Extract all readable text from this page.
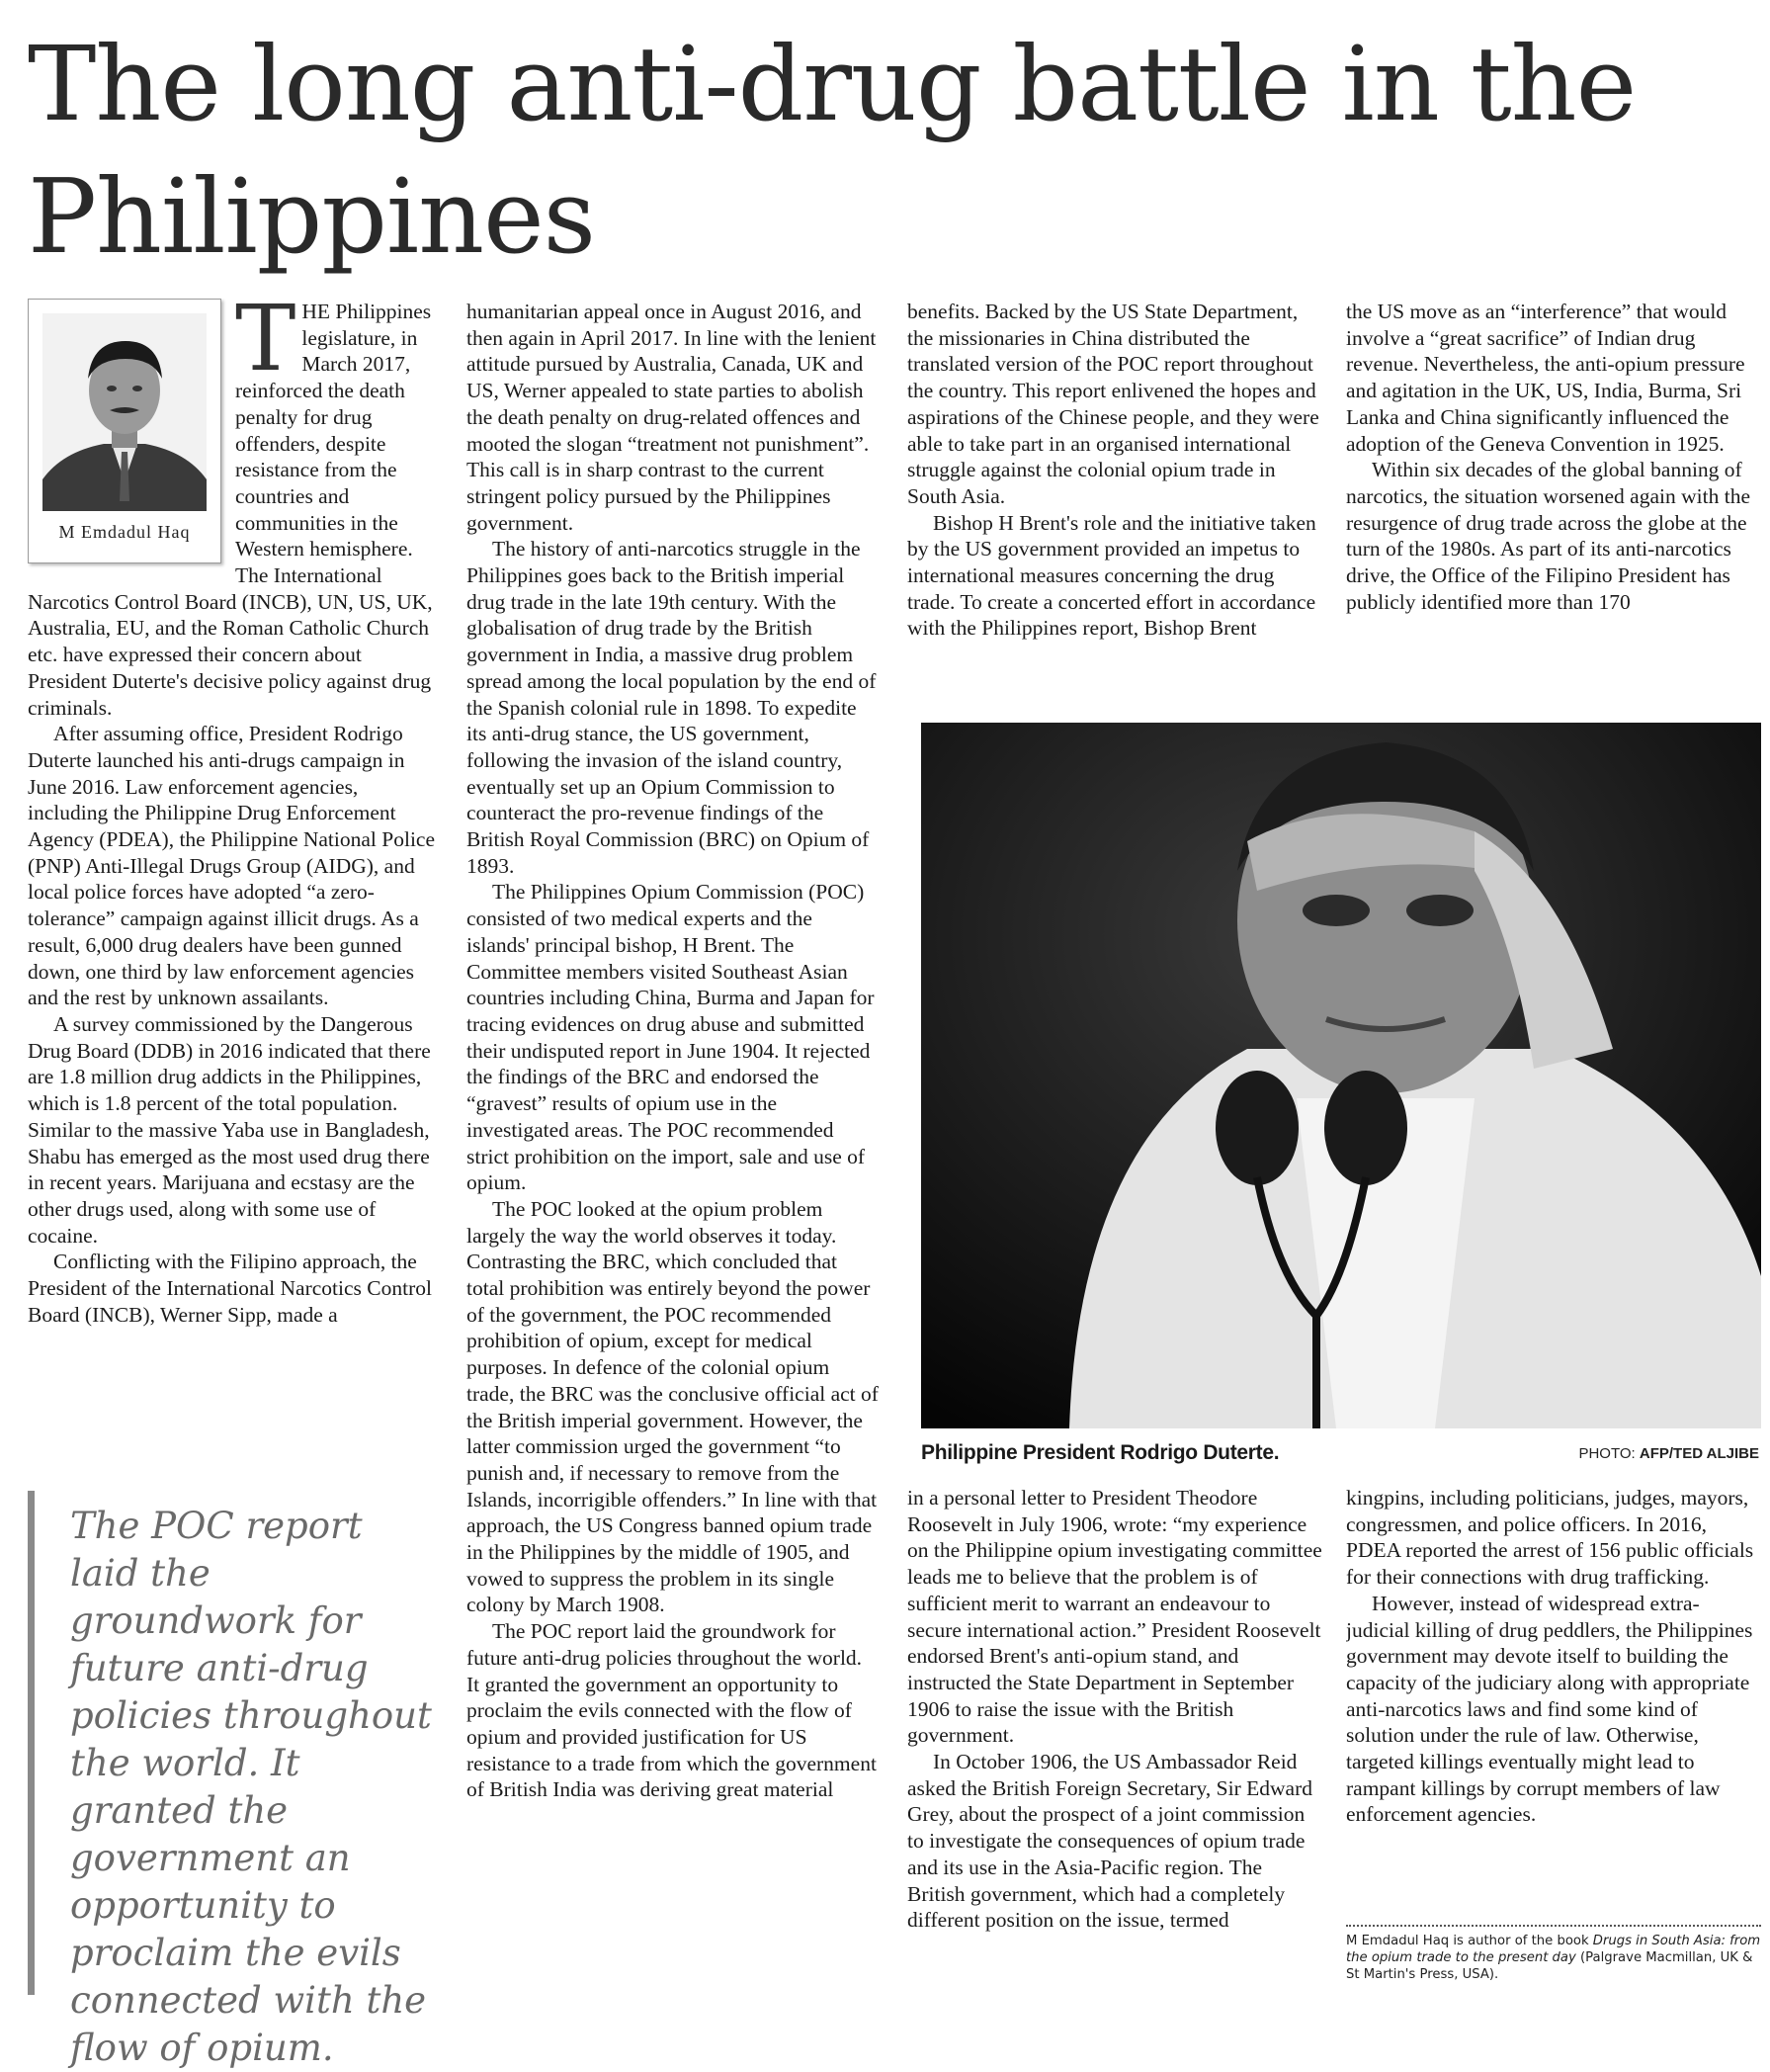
The long anti-drug battle in the Philippines
M Emdadul Haq
T HE Philippines legislature, in March 2017, reinforced the death penalty for drug offenders, despite resistance from the countries and communities in the Western hemisphere. The International Narcotics Control Board (INCB), UN, US, UK, Australia, EU, and the Roman Catholic Church etc. have expressed their concern about President Duterte's decisive policy against drug criminals.

After assuming office, President Rodrigo Duterte launched his anti-drugs campaign in June 2016. Law enforcement agencies, including the Philippine Drug Enforcement Agency (PDEA), the Philippine National Police (PNP) Anti-Illegal Drugs Group (AIDG), and local police forces have adopted “a zero-tolerance” campaign against illicit drugs. As a result, 6,000 drug dealers have been gunned down, one third by law enforcement agencies and the rest by unknown assailants.

A survey commissioned by the Dangerous Drug Board (DDB) in 2016 indicated that there are 1.8 million drug addicts in the Philippines, which is 1.8 percent of the total population. Similar to the massive Yaba use in Bangladesh, Shabu has emerged as the most used drug there in recent years. Marijuana and ecstasy are the other drugs used, along with some use of cocaine.

Conflicting with the Filipino approach, the President of the International Narcotics Control Board (INCB), Werner Sipp, made a

The POC report laid the groundwork for future anti-drug policies throughout the world. It granted the government an opportunity to proclaim the evils connected with the flow of opium.

humanitarian appeal once in August 2016, and then again in April 2017. In line with the lenient attitude pursued by Australia, Canada, UK and US, Werner appealed to state parties to abolish the death penalty on drug-related offences and mooted the slogan “treatment not punishment”. This call is in sharp contrast to the current stringent policy pursued by the Philippines government.

The history of anti-narcotics struggle in the Philippines goes back to the British imperial drug trade in the late 19th century. With the globalisation of drug trade by the British government in India, a massive drug problem spread among the local population by the end of the Spanish colonial rule in 1898. To expedite its anti-drug stance, the US government, following the invasion of the island country, eventually set up an Opium Commission to counteract the pro-revenue findings of the British Royal Commission (BRC) on Opium of 1893.

The Philippines Opium Commission (POC) consisted of two medical experts and the islands' principal bishop, H Brent. The Committee members visited Southeast Asian countries including China, Burma and Japan for tracing evidences on drug abuse and submitted their undisputed report in June 1904. It rejected the findings of the BRC and endorsed the “gravest” results of opium use in the investigated areas. The POC recommended strict prohibition on the import, sale and use of opium.

The POC looked at the opium problem largely the way the world observes it today. Contrasting the BRC, which concluded that total prohibition was entirely beyond the power of the government, the POC recommended prohibition of opium, except for medical purposes. In defence of the colonial opium trade, the BRC was the conclusive official act of the British imperial government. However, the latter commission urged the government “to punish and, if necessary to remove from the Islands, incorrigible offenders.” In line with that approach, the US Congress banned opium trade in the Philippines by the middle of 1905, and vowed to suppress the problem in its single colony by March 1908.

The POC report laid the groundwork for future anti-drug policies throughout the world. It granted the government an opportunity to proclaim the evils connected with the flow of opium and provided justification for US resistance to a trade from which the government of British India was deriving great material

benefits. Backed by the US State Department, the missionaries in China distributed the translated version of the POC report throughout the country. This report enlivened the hopes and aspirations of the Chinese people, and they were able to take part in an organised international struggle against the colonial opium trade in South Asia.

Bishop H Brent's role and the initiative taken by the US government provided an impetus to international measures concerning the drug trade. To create a concerted effort in accordance with the Philippines report, Bishop Brent

the US move as an “interference” that would involve a “great sacrifice” of Indian drug revenue. Nevertheless, the anti-opium pressure and agitation in the UK, US, India, Burma, Sri Lanka and China significantly influenced the adoption of the Geneva Convention in 1925.

Within six decades of the global banning of narcotics, the situation worsened again with the resurgence of drug trade across the globe at the turn of the 1980s. As part of its anti-narcotics drive, the Office of the Filipino President has publicly identified more than 170

Philippine President Rodrigo Duterte.	PHOTO: AFP/TED ALJIBE

in a personal letter to President Theodore Roosevelt in July 1906, wrote: “my experience on the Philippine opium investigating committee leads me to believe that the problem is of sufficient merit to warrant an endeavour to secure international action.” President Roosevelt endorsed Brent's anti-opium stand, and instructed the State Department in September 1906 to raise the issue with the British government.

In October 1906, the US Ambassador Reid asked the British Foreign Secretary, Sir Edward Grey, about the prospect of a joint commission to investigate the consequences of opium trade and its use in the Asia-Pacific region. The British government, which had a completely different position on the issue, termed

kingpins, including politicians, judges, mayors, congressmen, and police officers. In 2016, PDEA reported the arrest of 156 public officials for their connections with drug trafficking.

However, instead of widespread extra-judicial killing of drug peddlers, the Philippines government may devote itself to building the capacity of the judiciary along with appropriate anti-narcotics laws and find some kind of solution under the rule of law. Otherwise, targeted killings eventually might lead to rampant killings by corrupt members of law enforcement agencies.

M Emdadul Haq is author of the book Drugs in South Asia: from the opium trade to the present day (Palgrave Macmillan, UK & St Martin's Press, USA).
